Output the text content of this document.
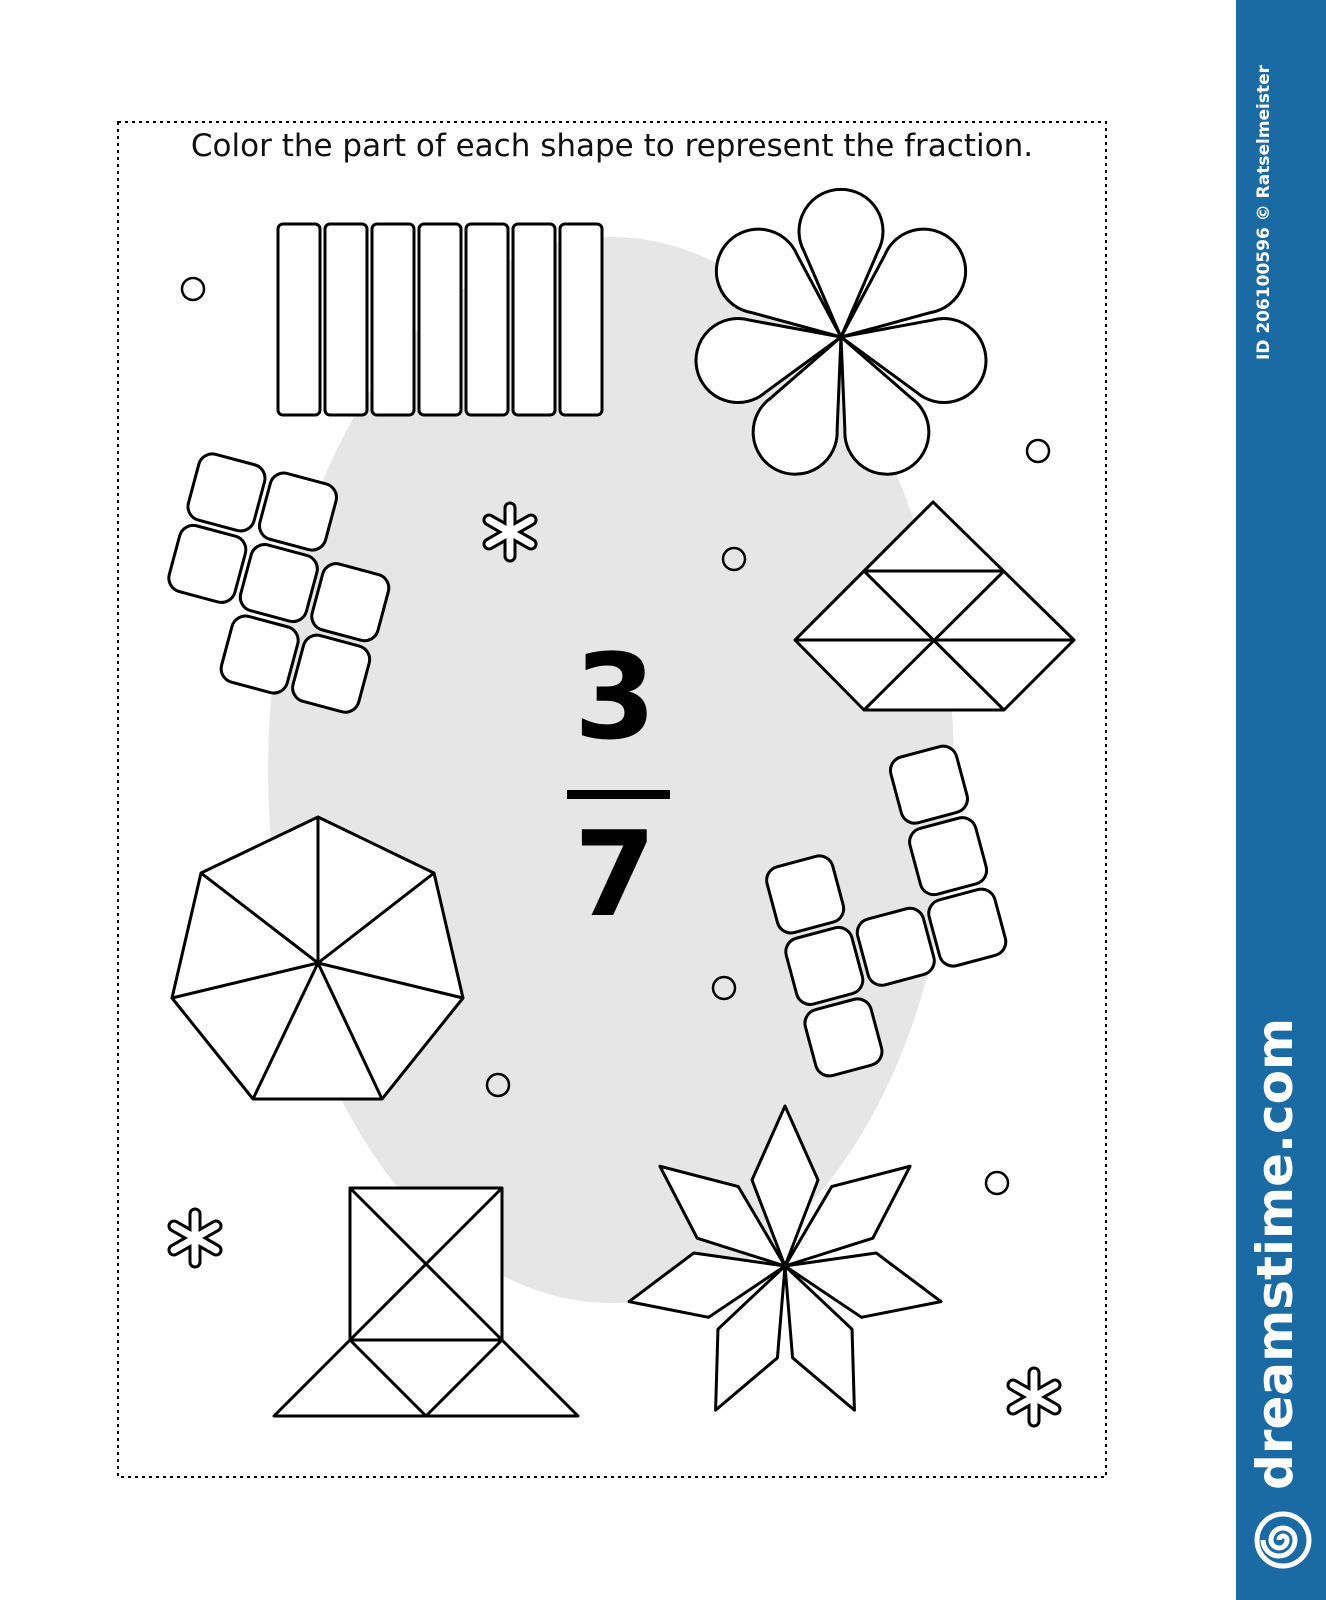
Color the part of each shape to represent the fraction.
3
7
ID 206100596 © Ratselmeister
dreamstime.com
